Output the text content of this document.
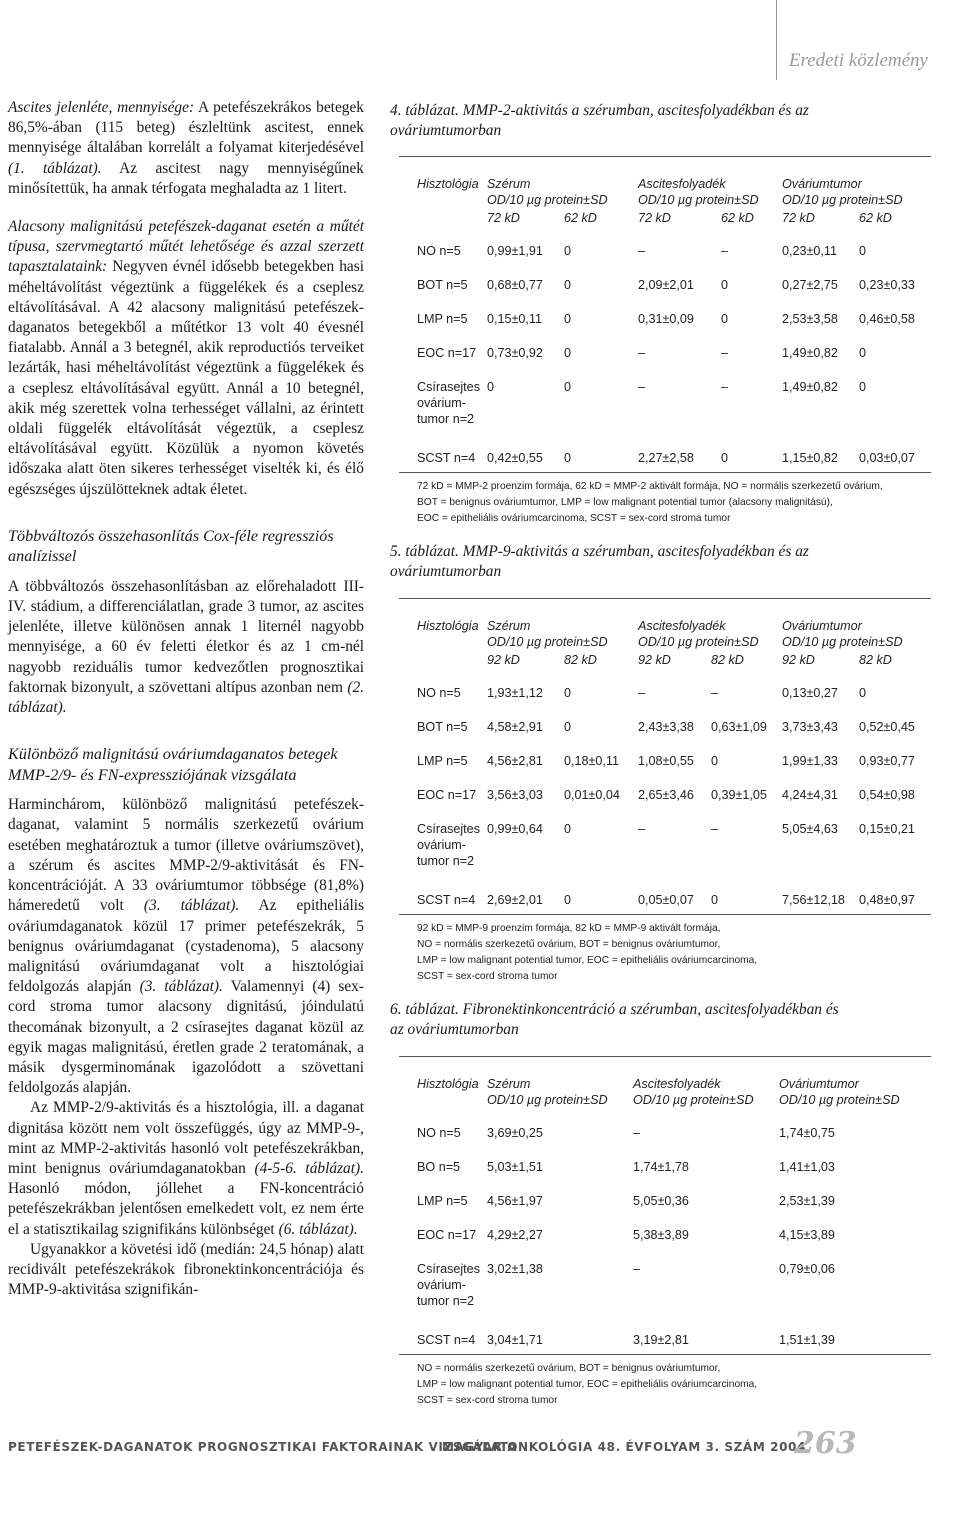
Eredeti közlemény

Ascites jelenléte, mennyisége: A petefészekrákos betegek 86,5%-ában (115 beteg) észleltünk ascitest, ennek mennyisége általában korrelált a folyamat kiterjedésével (1. táblázat). Az ascitest nagy mennyiségűnek minősítettük, ha annak térfogata meghaladta az 1 litert.

Alacsony malignitású petefészek-daganat esetén a műtét típusa, szervmegtartó műtét lehetősége és azzal szerzett tapasztalataink: Negyven évnél idősebb betegekben hasi méheltávolítást végeztünk a függelékek és a cseplesz eltávolításával. A 42 alacsony malignitású petefészek-daganatos betegekből a műtétkor 13 volt 40 évesnél fiatalabb. Annál a 3 betegnél, akik reproductiós terveiket lezárták, hasi méheltávolítást végeztünk a függelékek és a cseplesz eltávolításával együtt. Annál a 10 betegnél, akik még szerettek volna terhességet vállalni, az érintett oldali függelék eltávolítását végeztük, a cseplesz eltávolításával együtt. Közülük a nyomon követés időszaka alatt öten sikeres terhességet viselték ki, és élő egészséges újszülötteknek adtak életet.

Többváltozós összehasonlítás Cox-féle regressziós analízissel

A többváltozós összehasonlításban az előrehaladott III-IV. stádium, a differenciálatlan, grade 3 tumor, az ascites jelenléte, illetve különösen annak 1 liternél nagyobb mennyisége, a 60 év feletti életkor és az 1 cm-nél nagyobb reziduális tumor kedvezőtlen prognosztikai faktornak bizonyult, a szövettani altípus azonban nem (2. táblázat).

Különböző malignitású ováriumdaganatos betegek MMP-2/9- és FN-expressziójának vizsgálata

Harminchárom, különböző malignitású petefészek-daganat, valamint 5 normális szerkezetű ovárium esetében meghatároztuk a tumor (illetve ováriumszövet), a szérum és ascites MMP-2/9-aktivitását és FN-koncentrációját. A 33 ováriumtumor többsége (81,8%) hámeredetű volt (3. táblázat). Az epitheliális ováriumdaganatok közül 17 primer petefészekrák, 5 benignus ováriumdaganat (cystadenoma), 5 alacsony malignitású ováriumdaganat volt a hisztológiai feldolgozás alapján (3. táblázat). Valamennyi (4) sex-cord stroma tumor alacsony dignitású, jóindulatú thecomának bizonyult, a 2 csírasejtes daganat közül az egyik magas malignitású, éretlen grade 2 teratomának, a másik dysgerminomának igazolódott a szövettani feldolgozás alapján.

Az MMP-2/9-aktivitás és a hisztológia, ill. a daganat dignitása között nem volt összefüggés, úgy az MMP-9-, mint az MMP-2-aktivitás hasonló volt petefészekrákban, mint benignus ováriumdaganatokban (4-5-6. táblázat). Hasonló módon, jóllehet a FN-koncentráció petefészekrákban jelentősen emelkedett volt, ez nem érte el a statisztikailag szignifikáns különbséget (6. táblázat).

Ugyanakkor a követési idő (medián: 24,5 hónap) alatt recidivált petefészekrákok fibronektinkoncentrációja és MMP-9-aktivitása szignifikán-

4. táblázat. MMP-2-aktivitás a szérumban, ascitesfolyadékban és az ováriumtumorban

Hisztológia	Szérum		Ascitesfolyadék		Ováriumtumor	
	OD/10 µg protein±SD		OD/10 µg protein±SD		OD/10 µg protein±SD	
	72 kD	62 kD	72 kD	62 kD	72 kD	62 kD
NO n=5	0,99±1,91	0	–	–	0,23±0,11	0
BOT n=5	0,68±0,77	0	2,09±2,01	0	0,27±2,75	0,23±0,33
LMP n=5	0,15±0,11	0	0,31±0,09	0	2,53±3,58	0,46±0,58
EOC n=17	0,73±0,92	0	–	–	1,49±0,82	0
Csírasejtes ovárium-tumor n=2	0	0	–	–	1,49±0,82	0
SCST n=4	0,42±0,55	0	2,27±2,58	0	1,15±0,82	0,03±0,07
72 kD = MMP-2 proenzim formája, 62 kD = MMP-2 aktivált formája, NO = normális szerkezetű ovárium,
BOT = benignus ováriumtumor, LMP = low malignant potential tumor (alacsony malignitású),
EOC = epitheliális ováriumcarcinoma, SCST = sex-cord stroma tumor
5. táblázat. MMP-9-aktivitás a szérumban, ascitesfolyadékban és az ováriumtumorban

Hisztológia	Szérum		Ascitesfolyadék		Ováriumtumor	
	OD/10 µg protein±SD		OD/10 µg protein±SD		OD/10 µg protein±SD	
	92 kD	82 kD	92 kD	82 kD	92 kD	82 kD
NO n=5	1,93±1,12	0	–	–	0,13±0,27	0
BOT n=5	4,58±2,91	0	2,43±3,38	0,63±1,09	3,73±3,43	0,52±0,45
LMP n=5	4,56±2,81	0,18±0,11	1,08±0,55	0	1,99±1,33	0,93±0,77
EOC n=17	3,56±3,03	0,01±0,04	2,65±3,46	0,39±1,05	4,24±4,31	0,54±0,98
Csírasejtes ovárium-tumor n=2	0,99±0,64	0	–	–	5,05±4,63	0,15±0,21
SCST n=4	2,69±2,01	0	0,05±0,07	0	7,56±12,18	0,48±0,97
92 kD = MMP-9 proenzim formája, 82 kD = MMP-9 aktivált formája,
NO = normális szerkezetű ovárium, BOT = benignus ováriumtumor,
LMP = low malignant potential tumor, EOC = epitheliális ováriumcarcinoma,
SCST = sex-cord stroma tumor
6. táblázat. Fibronektinkoncentráció a szérumban, ascitesfolyadékban és az ováriumtumorban

Hisztológia	Szérum	Ascitesfolyadék	Ováriumtumor
	OD/10 µg protein±SD	OD/10 µg protein±SD	OD/10 µg protein±SD
NO n=5	3,69±0,25	–	1,74±0,75
BO n=5	5,03±1,51	1,74±1,78	1,41±1,03
LMP n=5	4,56±1,97	5,05±0,36	2,53±1,39
EOC n=17	4,29±2,27	5,38±3,89	4,15±3,89
Csírasejtes ovárium-tumor n=2	3,02±1,38	–	0,79±0,06
SCST n=4	3,04±1,71	3,19±2,81	1,51±1,39
NO = normális szerkezetű ovárium, BOT = benignus ováriumtumor,
LMP = low malignant potential tumor, EOC = epitheliális ováriumcarcinoma,
SCST = sex-cord stroma tumor
PETEFÉSZEK-DAGANATOK PROGNOSZTIKAI FAKTORAINAK VIZSGÁLATA
MAGYAR ONKOLÓGIA 48. ÉVFOLYAM 3. SZÁM 2004
263
